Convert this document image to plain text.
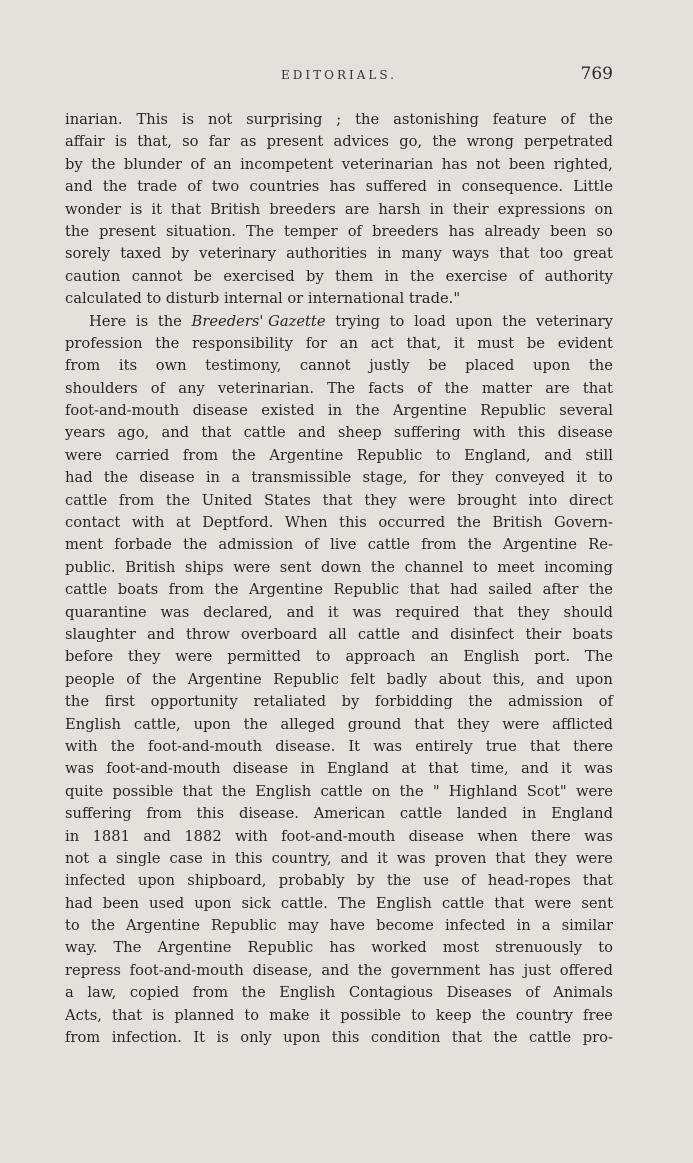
EDITORIALS.	769
inarian. This is not surprising ; the astonishing feature of the
affair is that, so far as present advices go, the wrong perpetrated
by the blunder of an incompetent veterinarian has not been righted,
and the trade of two countries has suffered in consequence. Little
wonder is it that British breeders are harsh in their expressions on
the present situation. The temper of breeders has already been so
sorely taxed by veterinary authorities in many ways that too great
caution cannot be exercised by them in the exercise of authority
calculated to disturb internal or international trade."
Here is the Breeders' Gazette trying to load upon the veterinary
profession the responsibility for an act that, it must be evident
from its own testimony, cannot justly be placed upon the
shoulders of any veterinarian. The facts of the matter are that
foot-and-mouth disease existed in the Argentine Republic several
years ago, and that cattle and sheep suffering with this disease
were carried from the Argentine Republic to England, and still
had the disease in a transmissible stage, for they conveyed it to
cattle from the United States that they were brought into direct
contact with at Deptford. When this occurred the British Govern-
ment forbade the admission of live cattle from the Argentine Re-
public. British ships were sent down the channel to meet incoming
cattle boats from the Argentine Republic that had sailed after the
quarantine was declared, and it was required that they should
slaughter and throw overboard all cattle and disinfect their boats
before they were permitted to approach an English port. The
people of the Argentine Republic felt badly about this, and upon
the first opportunity retaliated by forbidding the admission of
English cattle, upon the alleged ground that they were afflicted
with the foot-and-mouth disease. It was entirely true that there
was foot-and-mouth disease in England at that time, and it was
quite possible that the English cattle on the " Highland Scot" were
suffering from this disease. American cattle landed in England
in 1881 and 1882 with foot-and-mouth disease when there was
not a single case in this country, and it was proven that they were
infected upon shipboard, probably by the use of head-ropes that
had been used upon sick cattle. The English cattle that were sent
to the Argentine Republic may have become infected in a similar
way. The Argentine Republic has worked most strenuously to
repress foot-and-mouth disease, and the government has just offered
a law, copied from the English Contagious Diseases of Animals
Acts, that is planned to make it possible to keep the country free
from infection. It is only upon this condition that the cattle pro-
